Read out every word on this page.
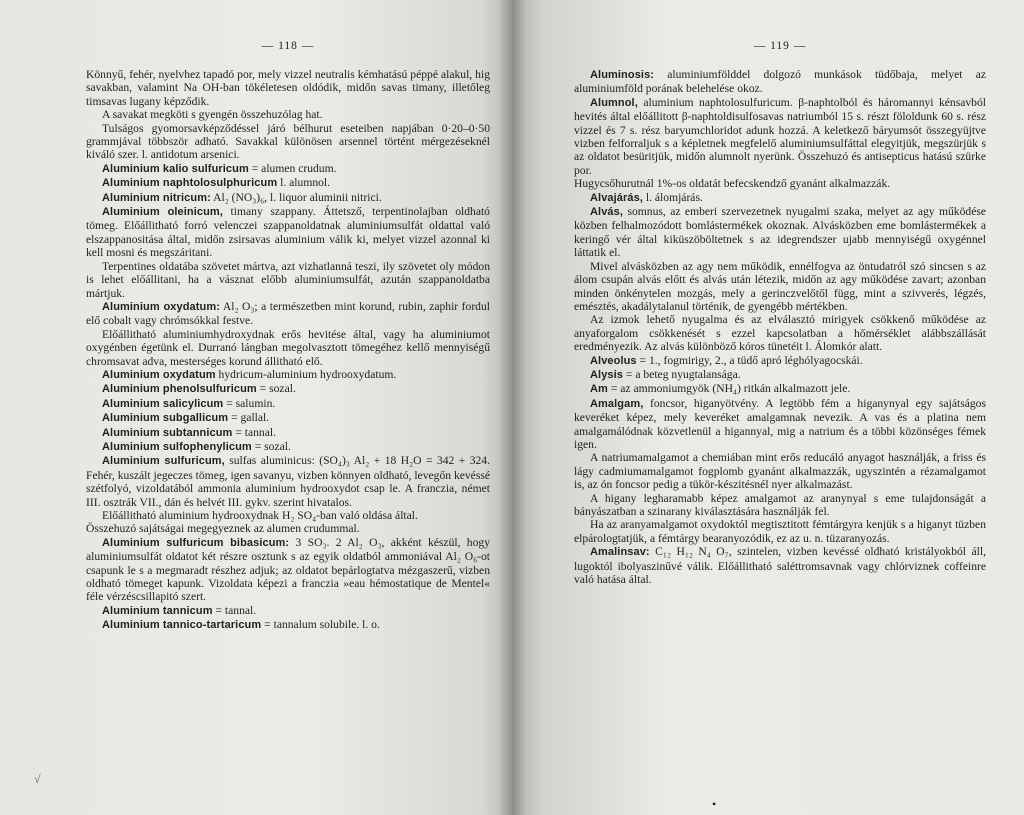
— 118 —

Könnyű, fehér, nyelvhez tapadó por, mely vizzel neutralis kémhatású péppé alakul, hig savakban, valamint Na OH-ban tökéletesen oldódik, midőn savas timany, illetőleg timsavas lugany képződik.

A savakat megköti s gyengén összehuzólag hat.

Tulságos gyomorsavképződéssel járó bélhurut eseteiben napjában 0·20–0·50 grammjával többször adható. Savakkal különösen arsennel történt mérgezéseknél kiváló szer. l. antidotum arsenici.

Aluminium kalio sulfuricum = alumen crudum.

Aluminium naphtolosulphuricum l. alumnol.

Aluminium nitricum: Al₂ (NO₃)₆, l. liquor aluminii nitrici.

Aluminium oleinicum, timany szappany. Áttetsző, terpentinolajban oldható tömeg. Előállitható forró velenczei szappanoldatnak aluminiumsulfát oldattal való elszappanositása által, midőn zsirsavas aluminium válik ki, melyet vizzel azonnal ki kell mosni és megszáritani.

Terpentines oldatába szövetet mártva, azt vizhatlanná teszi, ily szövetet oly módon is lehet előállitani, ha a vásznat előbb aluminiumsulfát, azután szappanoldatba mártjuk.

Aluminium oxydatum: Al₂ O₃; a természetben mint korund, rubin, zaphir fordul elő cobalt vagy chrómsókkal festve.

Előállitható aluminiumhydroxydnak erős hevitése által, vagy ha aluminiumot oxygénben égetünk el. Durranó lángban megolvasztott tömegéhez kellő mennyiségű chromsavat adva, mesterséges korund állitható elő.

Aluminium oxydatum hydricum-aluminium hydrooxydatum.

Aluminium phenolsulfuricum = sozal.

Aluminium salicylicum = salumin.

Aluminium subgallicum = gallal.

Aluminium subtannicum = tannal.

Aluminium sulfophenylicum = sozal.

Aluminium sulfuricum, sulfas aluminicus: (SO₄)₃ Al₂ + 18 H₂O = 342 + 324. Fehér, kuszált jegeczes tömeg, igen savanyu, vizben könnyen oldható, levegőn kevéssé szétfolyó, vizoldatából ammonia aluminium hydrooxydot csap le. A franczia, német III. osztrák VII., dán és helvét III. gykv. szerint hivatalos.

Előállitható aluminium hydrooxydnak H₂ SO₄-ban való oldása által.

Összehuzó sajátságai megegyeznek az alumen crudummal.

Aluminium sulfuricum bibasicum: 3 SO₃. 2 Al₂ O₃, akként készül, hogy aluminiumsulfát oldatot két részre osztunk s az egyik oldatból ammoniával Al₂ O₆-ot csapunk le s a megmaradt részhez adjuk; az oldatot bepárlogtatva mézgaszerű, vizben oldható tömeget kapunk. Vizoldata képezi a franczia »eau hémostatique de Mentel« féle vérzéscsillapitó szert.

Aluminium tannicum = tannal.

Aluminium tannico-tartaricum = tannalum solubile. l. o.

√
— 119 —

Aluminosis: aluminiumfölddel dolgozó munkások tüdőbaja, melyet az aluminiumföld porának belehelése okoz.

Alumnol, aluminium naphtolosulfuricum. β-naphtolból és háromannyi kénsavból hevités által előállitott β-naphtoldisulfosavas natriumból 15 s. részt föloldunk 60 s. rész vizzel és 7 s. rész baryumchloridot adunk hozzá. A keletkező báryumsót összegyüjtve vizben felforraljuk s a képletnek megfelelő aluminiumsulfáttal elegyitjük, megszürjük s az oldatot besüritjük, midőn alumnolt nyerünk. Összehuzó és antisepticus hatású szürke por.

Hugycsőhurutnál 1%-os oldatát befecskendző gyanánt alkalmazzák.

Alvajárás, l. álomjárás.

Alvás, somnus, az emberi szervezetnek nyugalmi szaka, melyet az agy működése közben felhalmozódott bomlástermékek okoznak. Alvásközben eme bomlástermékek a keringő vér által kiküszöböltetnek s az idegrendszer ujabb mennyiségű oxygénnel láttatik el.

Mivel alvásközben az agy nem működik, ennélfogva az öntudatról szó sincsen s az álom csupán alvás előtt és alvás után létezik, midőn az agy működése zavart; azonban minden önkénytelen mozgás, mely a gerinczvelőtől függ, mint a szivverés, légzés, emésztés, akadálytalanul történik, de gyengébb mértékben.

Az izmok lehető nyugalma és az elválasztó mirigyek csökkenő működése az anyaforgalom csökkenését s ezzel kapcsolatban a hőmérséklet alábbszállását eredményezik. Az alvás különböző kóros tünetéit l. Álomkór alatt.

Alveolus = 1., fogmirigy, 2., a tüdő apró léghólyagocskái.

Alysis = a beteg nyugtalansága.

Am = az ammoniumgyök (NH₄) ritkán alkalmazott jele.

Amalgam, foncsor, higanyötvény. A legtöbb fém a higanynyal egy sajátságos keveréket képez, mely keveréket amalgamnak nevezik. A vas és a platina nem amalgamálódnak közvetlenül a higannyal, mig a natrium és a többi közönséges fémek igen.

A natriumamalgamot a chemiában mint erős reducáló anyagot használják, a friss és lágy cadmiumamalgamot fogplomb gyanánt alkalmazzák, ugyszintén a rézamalgamot is, az ón foncsor pedig a tükör-készitésnél nyer alkalmazást.

A higany legharamabb képez amalgamot az aranynyal s eme tulajdonságát a bányászatban a szinarany kiválasztására használják fel.

Ha az aranyamalgamot oxydoktól megtisztitott fémtárgyra kenjük s a higanyt tüzben elpárologtatjük, a fémtárgy bearanyozódik, ez az u. n. tüzaranyozás.

Amalinsav: C₁₂ H₁₂ N₄ O₇, szintelen, vizben kevéssé oldható kristályokból áll, lugoktól ibolyaszinűvé válik. Előállitható saléttromsavnak vagy chlórviznek coffeinre való hatása által.

•
